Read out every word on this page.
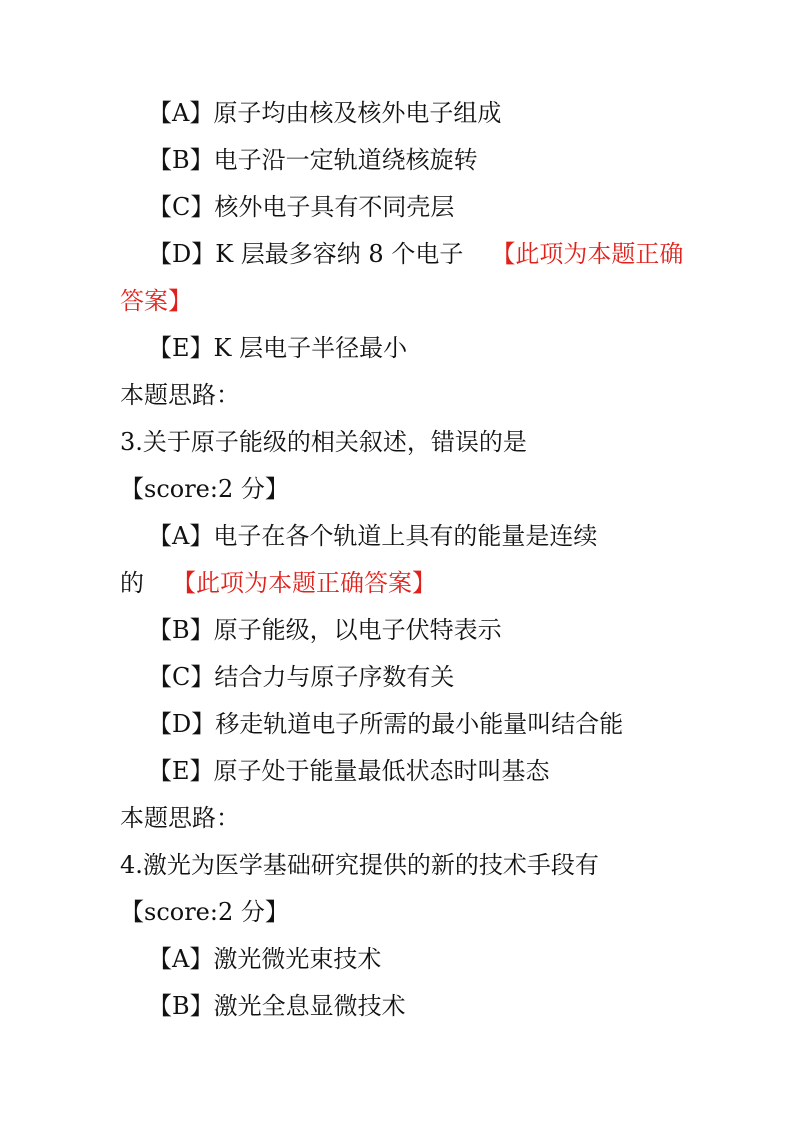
【A】原子均由核及核外电子组成
【B】电子沿一定轨道绕核旋转
【C】核外电子具有不同壳层
【D】K 层最多容纳 8 个电子 【此项为本题正确
答案】
【E】K 层电子半径最小
本题思路：
3.关于原子能级的相关叙述，错误的是
【score:2 分】
【A】电子在各个轨道上具有的能量是连续
的 【此项为本题正确答案】
【B】原子能级，以电子伏特表示
【C】结合力与原子序数有关
【D】移走轨道电子所需的最小能量叫结合能
【E】原子处于能量最低状态时叫基态
本题思路：
4.激光为医学基础研究提供的新的技术手段有
【score:2 分】
【A】激光微光束技术
【B】激光全息显微技术
